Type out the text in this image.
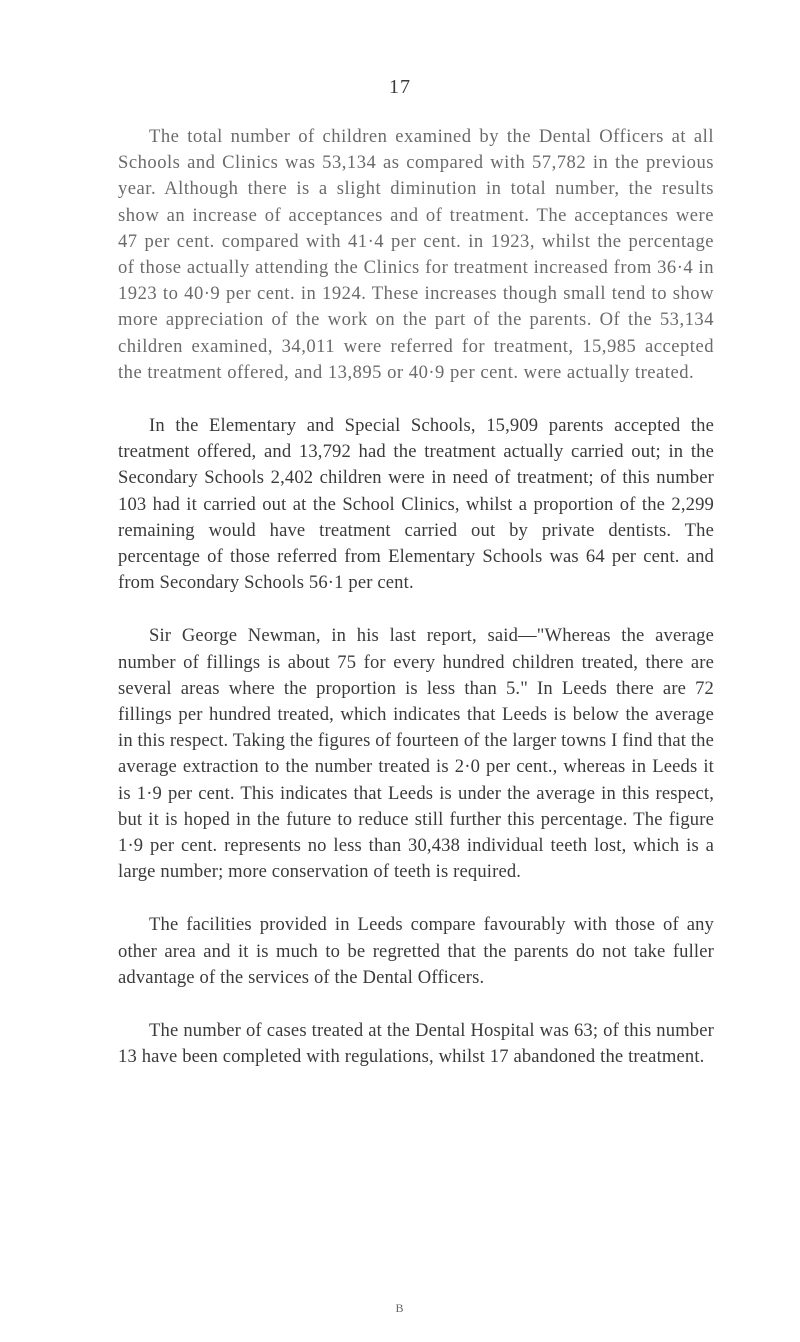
17

The total number of children examined by the Dental Officers at all Schools and Clinics was 53,134 as compared with 57,782 in the previous year. Although there is a slight diminution in total number, the results show an increase of acceptances and of treatment. The acceptances were 47 per cent. compared with 41·4 per cent. in 1923, whilst the percentage of those actually attending the Clinics for treatment increased from 36·4 in 1923 to 40·9 per cent. in 1924. These increases though small tend to show more appreciation of the work on the part of the parents. Of the 53,134 children examined, 34,011 were referred for treatment, 15,985 accepted the treatment offered, and 13,895 or 40·9 per cent. were actually treated.

In the Elementary and Special Schools, 15,909 parents accepted the treatment offered, and 13,792 had the treatment actually carried out; in the Secondary Schools 2,402 children were in need of treatment; of this number 103 had it carried out at the School Clinics, whilst a proportion of the 2,299 remaining would have treatment carried out by private dentists. The percentage of those referred from Elementary Schools was 64 per cent. and from Secondary Schools 56·1 per cent.

Sir George Newman, in his last report, said—"Whereas the average number of fillings is about 75 for every hundred children treated, there are several areas where the proportion is less than 5." In Leeds there are 72 fillings per hundred treated, which indicates that Leeds is below the average in this respect. Taking the figures of fourteen of the larger towns I find that the average extraction to the number treated is 2·0 per cent., whereas in Leeds it is 1·9 per cent. This indicates that Leeds is under the average in this respect, but it is hoped in the future to reduce still further this percentage. The figure 1·9 per cent. represents no less than 30,438 individual teeth lost, which is a large number; more conservation of teeth is required.

The facilities provided in Leeds compare favourably with those of any other area and it is much to be regretted that the parents do not take fuller advantage of the services of the Dental Officers.

The number of cases treated at the Dental Hospital was 63; of this number 13 have been completed with regulations, whilst 17 abandoned the treatment.

B
